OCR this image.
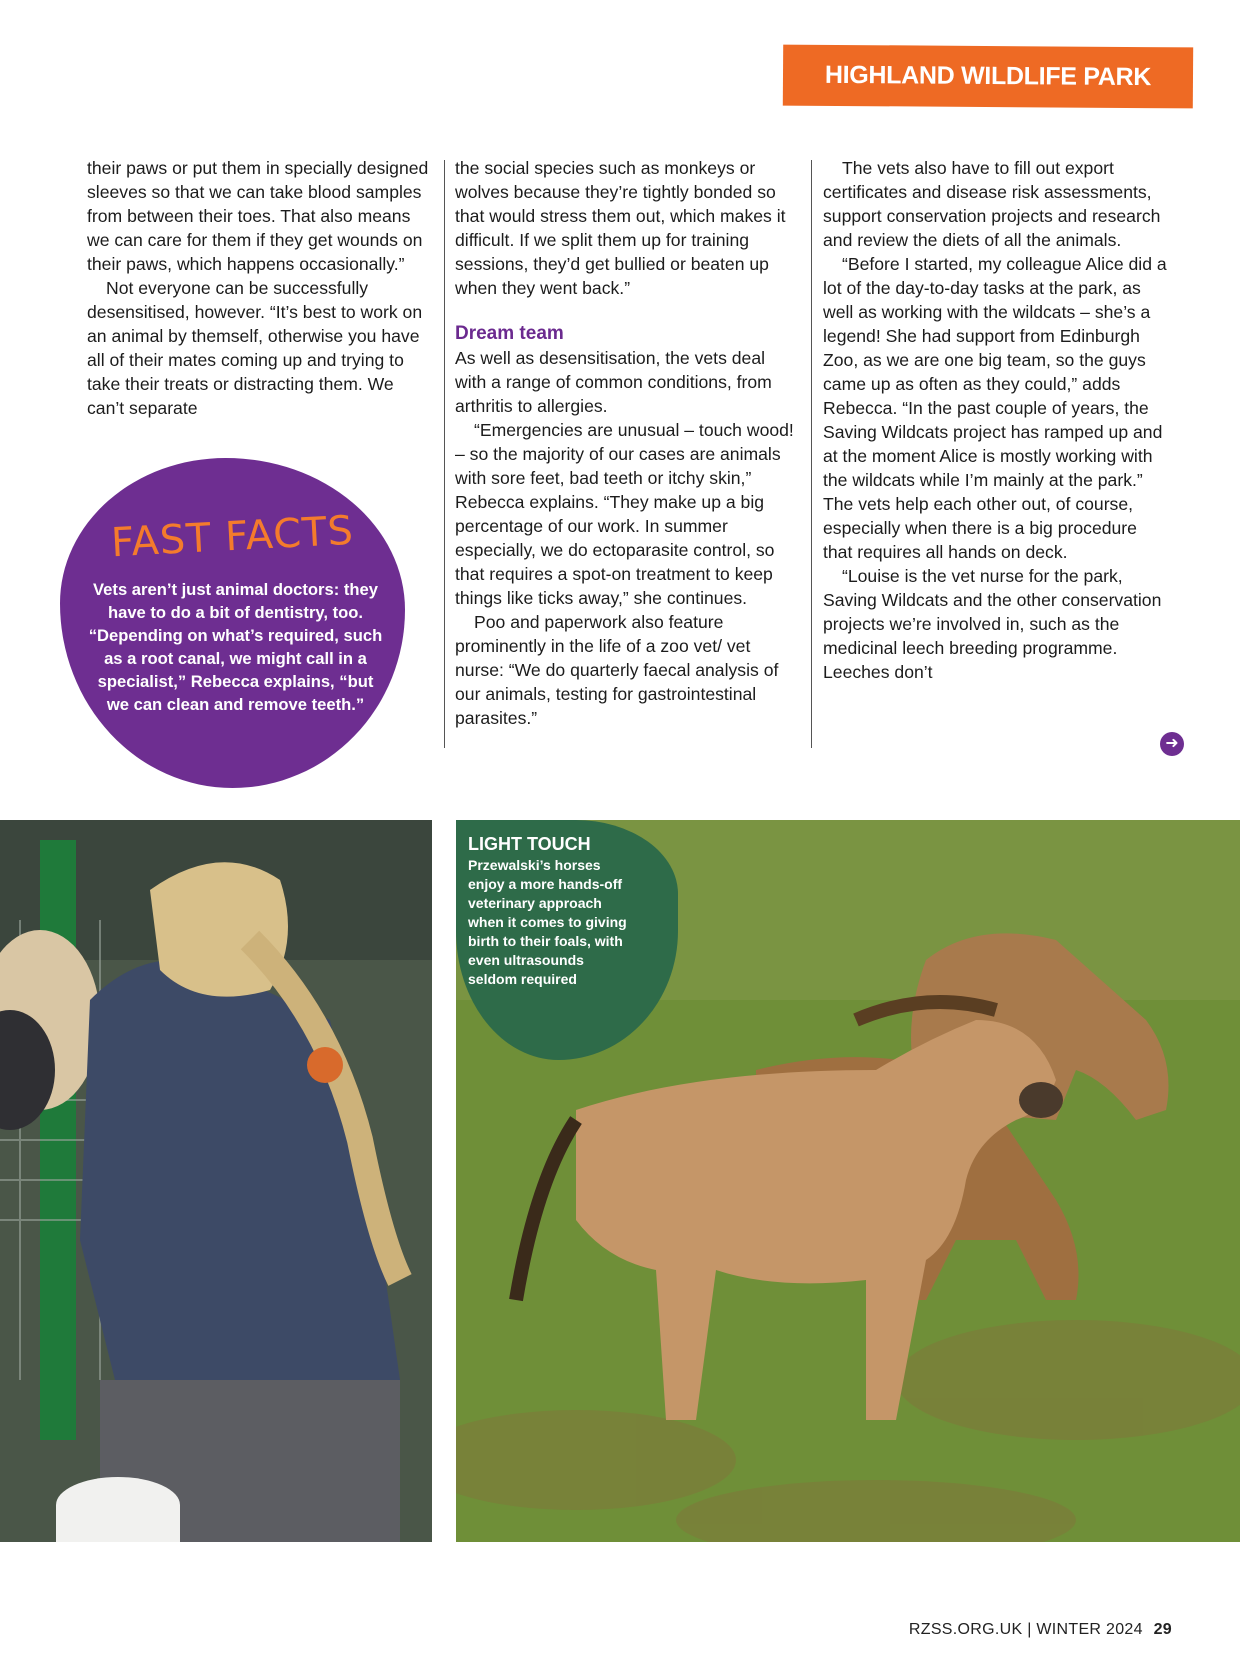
HIGHLAND WILDLIFE PARK

their paws or put them in specially designed sleeves so that we can take blood samples from between their toes. That also means we can care for them if they get wounds on their paws, which happens occasionally.”

Not everyone can be successfully desensitised, however. “It’s best to work on an animal by themself, otherwise you have all of their mates coming up and trying to take their treats or distracting them. We can’t separate

the social species such as monkeys or wolves because they’re tightly bonded so that would stress them out, which makes it difficult. If we split them up for training sessions, they’d get bullied or beaten up when they went back.”

Dream team

As well as desensitisation, the vets deal with a range of common conditions, from arthritis to allergies.

“Emergencies are unusual – touch wood! – so the majority of our cases are animals with sore feet, bad teeth or itchy skin,” Rebecca explains. “They make up a big percentage of our work. In summer especially, we do ectoparasite control, so that requires a spot-on treatment to keep things like ticks away,” she continues.

Poo and paperwork also feature prominently in the life of a zoo vet/ vet nurse: “We do quarterly faecal analysis of our animals, testing for gastrointestinal parasites.”

The vets also have to fill out export certificates and disease risk assessments, support conservation projects and research and review the diets of all the animals.

“Before I started, my colleague Alice did a lot of the day-to-day tasks at the park, as well as working with the wildcats – she’s a legend! She had support from Edinburgh Zoo, as we are one big team, so the guys came up as often as they could,” adds Rebecca. “In the past couple of years, the Saving Wildcats project has ramped up and at the moment Alice is mostly working with the wildcats while I’m mainly at the park.” The vets help each other out, of course, especially when there is a big procedure that requires all hands on deck.

“Louise is the vet nurse for the park, Saving Wildcats and the other conservation projects we’re involved in, such as the medicinal leech breeding programme. Leeches don’t

➜
FAST FACTS
Vets aren’t just animal doctors: they have to do a bit of dentistry, too. “Depending on what’s required, such as a root canal, we might call in a specialist,” Rebecca explains, “but we can clean and remove teeth.”
LIGHT TOUCH
Przewalski’s horses enjoy a more hands-off veterinary approach when it comes to giving birth to their foals, with even ultrasounds seldom required
RZSS.ORG.UK | WINTER 2024 29
